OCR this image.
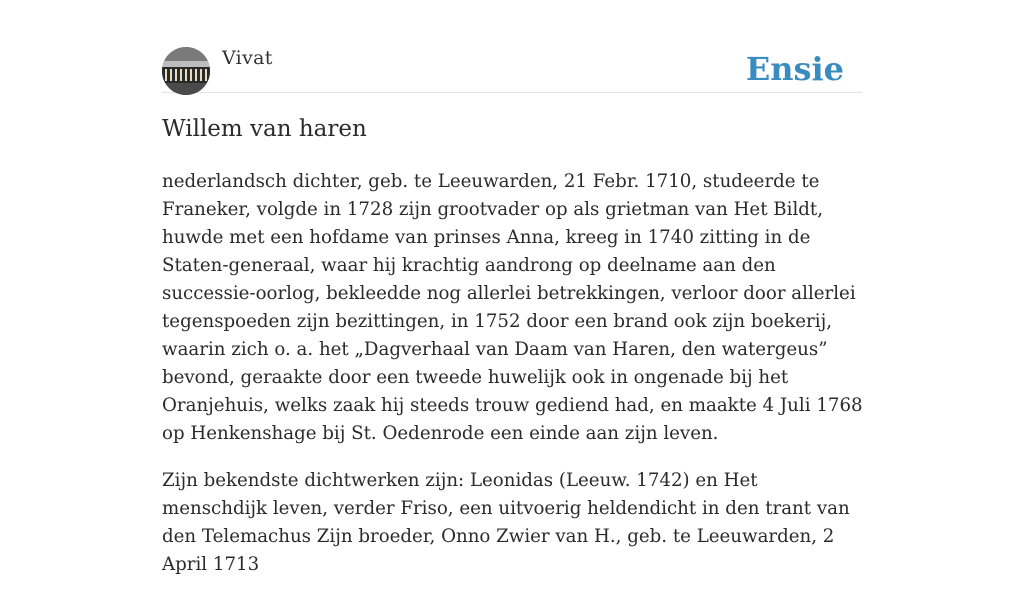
Vivat	Ensie
Willem van haren

nederlandsch dichter, geb. te Leeuwarden, 21 Febr. 1710, studeerde te Franeker, volgde in 1728 zijn grootvader op als grietman van Het Bildt, huwde met een hofdame van prinses Anna, kreeg in 1740 zitting in de Staten-generaal, waar hij krachtig aandrong op deelname aan den successie-oorlog, bekleedde nog allerlei betrekkingen, verloor door allerlei tegenspoeden zijn bezittingen, in 1752 door een brand ook zijn boekerij, waarin zich o. a. het „Dagverhaal van Daam van Haren, den watergeus” bevond, geraakte door een tweede huwelijk ook in ongenade bij het Oranjehuis, welks zaak hij steeds trouw gediend had, en maakte 4 Juli 1768 op Henkenshage bij St. Oedenrode een einde aan zijn leven.

Zijn bekendste dichtwerken zijn: Leonidas (Leeuw. 1742) en Het menschdijk leven, verder Friso, een uitvoerig heldendicht in den trant van den Telemachus Zijn broeder, Onno Zwier van H., geb. te Leeuwarden, 2 April 1713
